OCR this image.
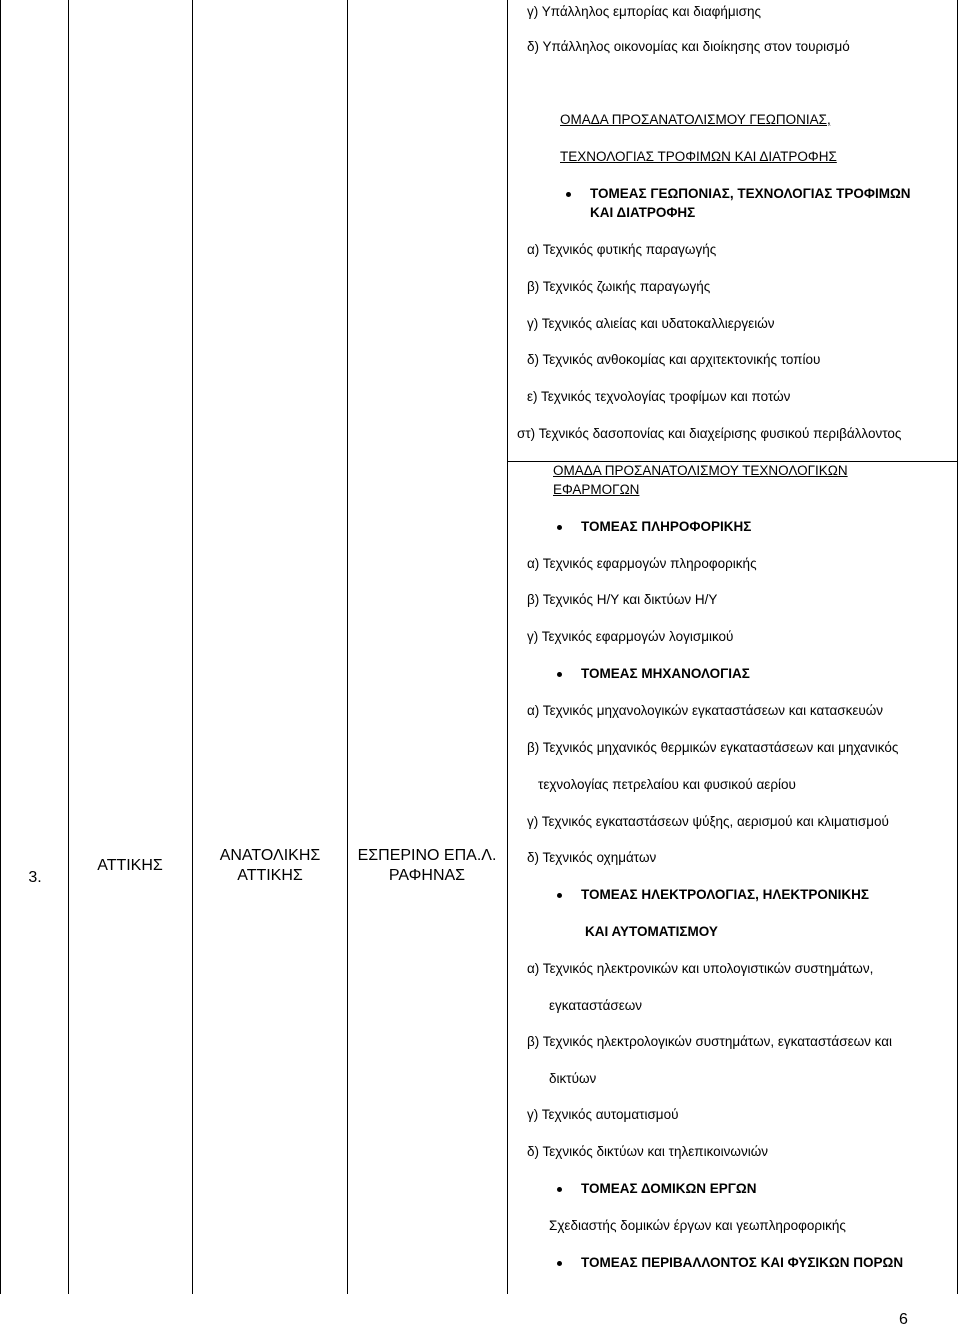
3.
ΑΤΤΙΚΗΣ
ΑΝΑΤΟΛΙΚΗΣ
ΑΤΤΙΚΗΣ
ΕΣΠΕΡΙΝΟ ΕΠΑ.Λ.
ΡΑΦΗΝΑΣ
γ) Υπάλληλος εμπορίας και διαφήμισης
δ) Υπάλληλος οικονομίας και διοίκησης στον τουρισμό
ΟΜΑΔΑ ΠΡΟΣΑΝΑΤΟΛΙΣΜΟΥ ΓΕΩΠΟΝΙΑΣ,
ΤΕΧΝΟΛΟΓΙΑΣ ΤΡΟΦΙΜΩΝ ΚΑΙ ΔΙΑΤΡΟΦΗΣ
ΤΟΜΕΑΣ ΓΕΩΠΟΝΙΑΣ, ΤΕΧΝΟΛΟΓΙΑΣ ΤΡΟΦΙΜΩΝ
ΚΑΙ ΔΙΑΤΡΟΦΗΣ
α) Τεχνικός φυτικής παραγωγής
β) Τεχνικός ζωικής παραγωγής
γ) Τεχνικός αλιείας και υδατοκαλλιεργειών
δ) Τεχνικός ανθοκομίας και αρχιτεκτονικής τοπίου
ε) Τεχνικός τεχνολογίας τροφίμων και ποτών
στ) Τεχνικός δασοπονίας και διαχείρισης φυσικού περιβάλλοντος
ΟΜΑΔΑ ΠΡΟΣΑΝΑΤΟΛΙΣΜΟΥ ΤΕΧΝΟΛΟΓΙΚΩΝ
ΕΦΑΡΜΟΓΩΝ
ΤΟΜΕΑΣ ΠΛΗΡΟΦΟΡΙΚΗΣ
α) Τεχνικός εφαρμογών πληροφορικής
β) Τεχνικός Η/Υ και δικτύων Η/Υ
γ) Τεχνικός εφαρμογών λογισμικού
ΤΟΜΕΑΣ ΜΗΧΑΝΟΛΟΓΙΑΣ
α) Τεχνικός μηχανολογικών εγκαταστάσεων και κατασκευών
β) Τεχνικός μηχανικός θερμικών εγκαταστάσεων και μηχανικός
τεχνολογίας πετρελαίου και φυσικού αερίου
γ) Τεχνικός εγκαταστάσεων ψύξης, αερισμού και κλιματισμού
δ) Τεχνικός οχημάτων
ΤΟΜΕΑΣ ΗΛΕΚΤΡΟΛΟΓΙΑΣ, ΗΛΕΚΤΡΟΝΙΚΗΣ
ΚΑΙ ΑΥΤΟΜΑΤΙΣΜΟΥ
α) Τεχνικός ηλεκτρονικών και υπολογιστικών συστημάτων,
εγκαταστάσεων
β) Τεχνικός ηλεκτρολογικών συστημάτων, εγκαταστάσεων και
δικτύων
γ) Τεχνικός αυτοματισμού
δ) Τεχνικός δικτύων και τηλεπικοινωνιών
ΤΟΜΕΑΣ ΔΟΜΙΚΩΝ ΕΡΓΩΝ
Σχεδιαστής δομικών έργων και γεωπληροφορικής
ΤΟΜΕΑΣ ΠΕΡΙΒΑΛΛΟΝΤΟΣ ΚΑΙ ΦΥΣΙΚΩΝ ΠΟΡΩΝ
6
